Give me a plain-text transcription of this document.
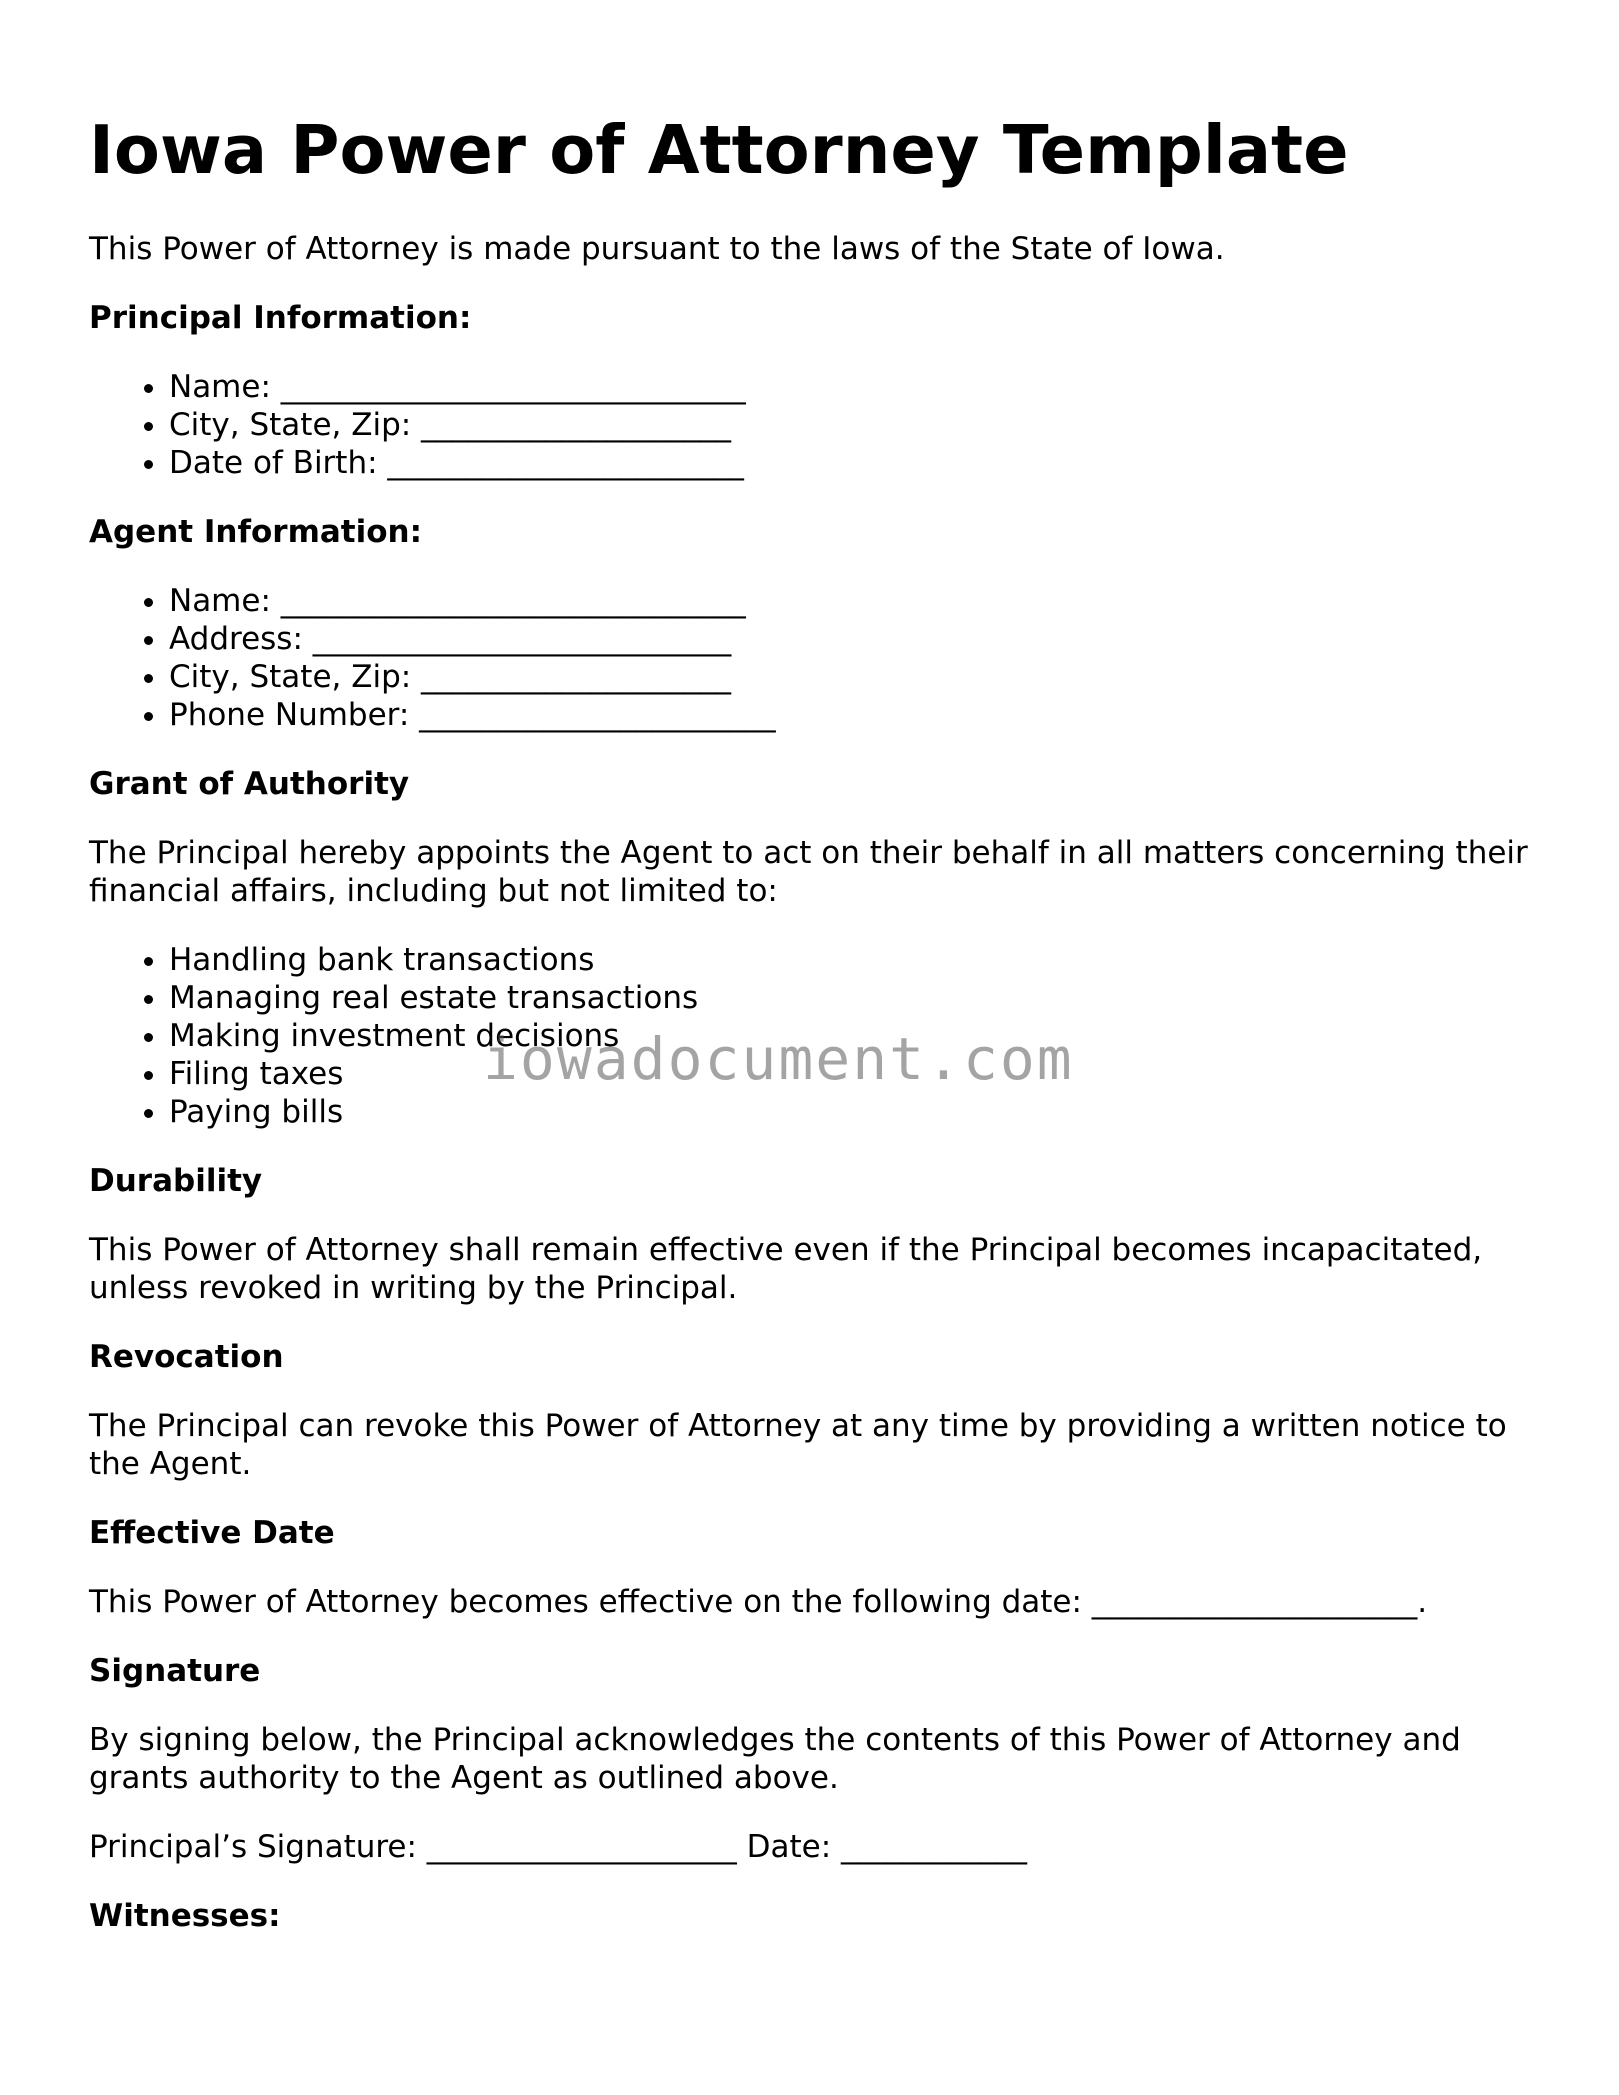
Iowa Power of Attorney Template

This Power of Attorney is made pursuant to the laws of the State of Iowa.

Principal Information:
• Name: ______________________________
• City, State, Zip: ____________________
• Date of Birth: _______________________
Agent Information:
• Name: ______________________________
• Address: ___________________________
• City, State, Zip: ____________________
• Phone Number: _______________________
Grant of Authority

The Principal hereby appoints the Agent to act on their behalf in all matters concerning their financial affairs, including but not limited to:

• Handling bank transactions
• Managing real estate transactions
• Making investment decisions
• Filing taxes
• Paying bills
Durability

This Power of Attorney shall remain effective even if the Principal becomes incapacitated, unless revoked in writing by the Principal.

Revocation

The Principal can revoke this Power of Attorney at any time by providing a written notice to the Agent.

Effective Date

This Power of Attorney becomes effective on the following date: _____________________.

Signature

By signing below, the Principal acknowledges the contents of this Power of Attorney and grants authority to the Agent as outlined above.

Principal’s Signature: ____________________ Date: ____________

Witnesses:
iowadocument.com
